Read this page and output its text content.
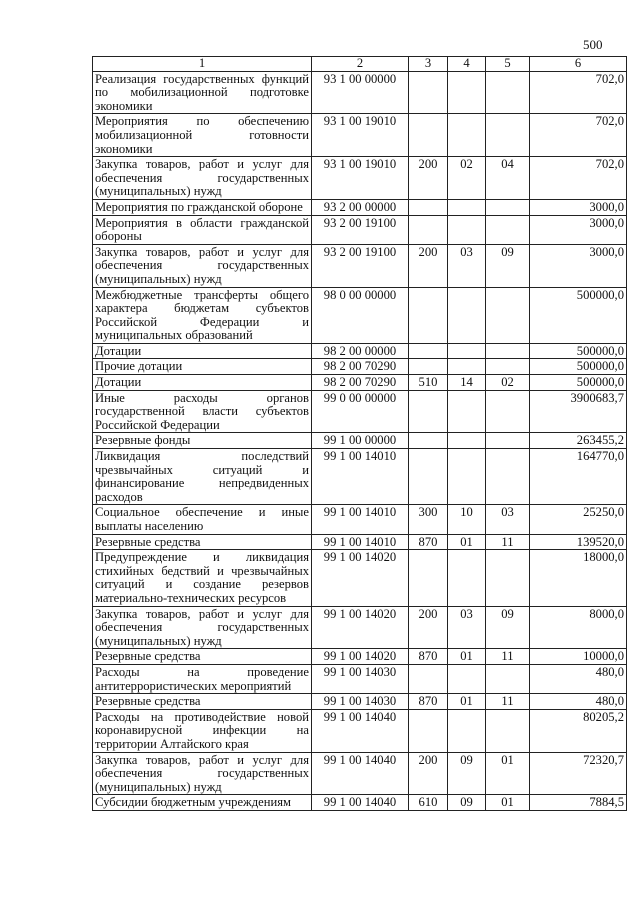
500
1	2	3	4	5	6
Реализация государственных функций по мобилизационной подготовке экономики	93 1 00 00000				702,0
Мероприятия по обеспечению мобилизационной готовности экономики	93 1 00 19010				702,0
Закупка товаров, работ и услуг для обеспечения государственных (муниципальных) нужд	93 1 00 19010	200	02	04	702,0
Мероприятия по гражданской обороне	93 2 00 00000				3000,0
Мероприятия в области гражданской обороны	93 2 00 19100				3000,0
Закупка товаров, работ и услуг для обеспечения государственных (муниципальных) нужд	93 2 00 19100	200	03	09	3000,0
Межбюджетные трансферты общего характера бюджетам субъектов Российской Федерации и муниципальных образований	98 0 00 00000				500000,0
Дотации	98 2 00 00000				500000,0
Прочие дотации	98 2 00 70290				500000,0
Дотации	98 2 00 70290	510	14	02	500000,0
Иные расходы органов государственной власти субъектов Российской Федерации	99 0 00 00000				3900683,7
Резервные фонды	99 1 00 00000				263455,2
Ликвидация последствий чрезвычайных ситуаций и финансирование непредвиденных расходов	99 1 00 14010				164770,0
Социальное обеспечение и иные выплаты населению	99 1 00 14010	300	10	03	25250,0
Резервные средства	99 1 00 14010	870	01	11	139520,0
Предупреждение и ликвидация стихийных бедствий и чрезвычайных ситуаций и создание резервов материально-технических ресурсов	99 1 00 14020				18000,0
Закупка товаров, работ и услуг для обеспечения государственных (муниципальных) нужд	99 1 00 14020	200	03	09	8000,0
Резервные средства	99 1 00 14020	870	01	11	10000,0
Расходы на проведение антитеррористических мероприятий	99 1 00 14030				480,0
Резервные средства	99 1 00 14030	870	01	11	480,0
Расходы на противодействие новой коронавирусной инфекции на территории Алтайского края	99 1 00 14040				80205,2
Закупка товаров, работ и услуг для обеспечения государственных (муниципальных) нужд	99 1 00 14040	200	09	01	72320,7
Субсидии бюджетным учреждениям	99 1 00 14040	610	09	01	7884,5
